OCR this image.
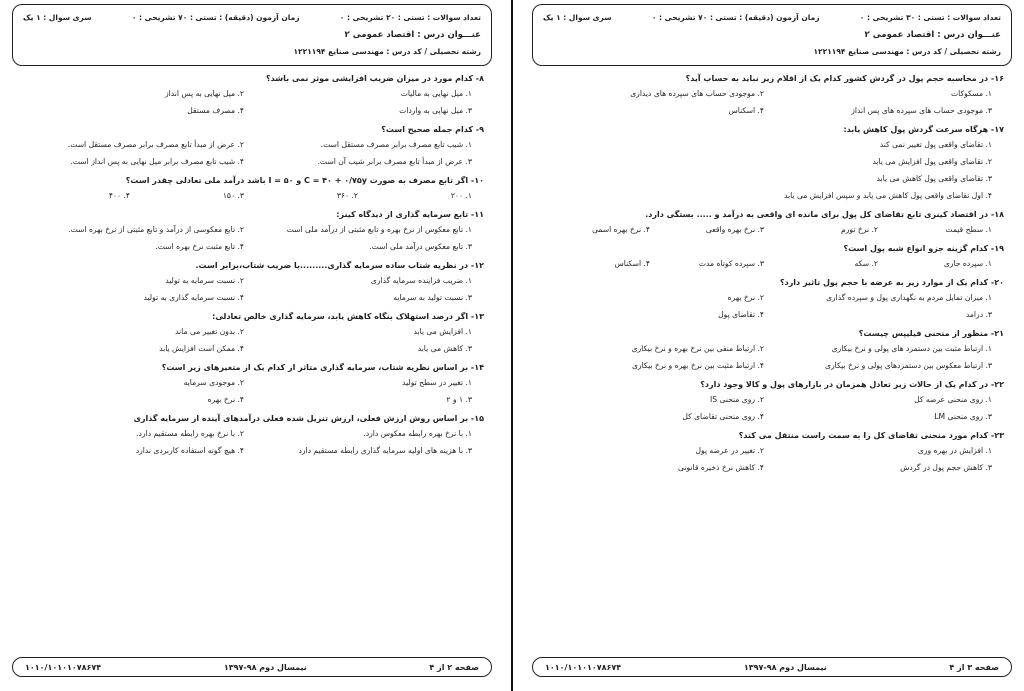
تعداد سوالات : تستی : ۲۰ تشریحی : ۰
زمان آزمون (دقیقه) : تستی : ۷۰ تشریحی : ۰
سری سوال : ۱ یک
عنـــوان درس : اقتصاد عمومی ۲
رشته تحصیلی / کد درس : مهندسی صنایع ۱۲۲۱۱۹۴
۸- کدام مورد در میزان ضریب افزایشی موثر نمی باشد؟
۱. میل نهایی به مالیات
۲. میل نهایی به پس انداز
۳. میل نهایی به واردات
۴. مصرف مستقل
۹- کدام جمله صحیح است؟
۱. شیب تابع مصرف برابر مصرف مستقل است.
۲. عرض از مبدأ تابع مصرف برابر مصرف مستقل است.
۳. عرض از مبدأ تابع مصرف برابر شیب آن است.
۴. شیب تابع مصرف برابر میل نهایی به پس انداز است.
۱۰- اگر تابع مصرف به صورت C = ۴۰ + ۰/۷۵y و I = ۵۰ باشد درآمد ملی تعادلی چقدر است؟
۱. ۲۰۰
۲. ۳۶۰
۳. ۱۵۰
۴. ۴۰۰
۱۱- تابع سرمایه گذاری از دیدگاه کینز:
۱. تابع معکوس از نرخ بهره و تابع مثبتی از درآمد ملی است
۲. تابع معکوسی از درآمد و تابع مثبتی از نرخ بهره است.
۳. تابع معکوس درآمد ملی است.
۴. تابع مثبت نرخ بهره است.
۱۲- در نظریه شتاب ساده سرمایه گذاری.........با ضریب شتاب،برابر است.
۱. ضریب فزاینده سرمایه گذاری
۲. نسبت سرمایه به تولید
۳. نسبت تولید به سرمایه
۴. نسبت سرمایه گذاری به تولید
۱۳- اگر درصد استهلاک بنگاه کاهش یابد، سرمایه گذاری خالص تعادلی:
۱. افزایش می یابد
۲. بدون تغییر می ماند
۳. کاهش می یابد
۴. ممکن است افزایش یابد
۱۴- بر اساس نظریه شتاب، سرمایه گذاری متاثر از کدام یک از متغیرهای زیر است؟
۱. تغییر در سطح تولید
۲. موجودی سرمایه
۳. ۱ و ۲
۴. نرخ بهره
۱۵- بر اساس روش ارزش فعلی، ارزش تنزیل شده فعلی درآمدهای آینده از سرمایه گذاری
۱. با نرخ بهره رابطه معکوس دارد.
۲. با نرخ بهره رابطه مستقیم دارد.
۳. با هزینه های اولیه سرمایه گذاری رابطه مستقیم دارد
۴. هیچ گونه استفاده کاربردی ندارد
صفحه ۲ از ۴
نیمسال دوم ۹۸-۱۳۹۷
۱۰۱۰/۱۰۱۰۱۰۷۸۶۷۴
تعداد سوالات : تستی : ۳۰ تشریحی : ۰
زمان آزمون (دقیقه) : تستی : ۷۰ تشریحی : ۰
سری سوال : ۱ یک
عنـــوان درس : اقتصاد عمومی ۲
رشته تحصیلی / کد درس : مهندسی صنایع ۱۲۲۱۱۹۴
۱۶- در محاسبه حجم پول در گردش کشور کدام یک از اقلام زیر نباید به حساب آید؟
۱. مسکوکات
۲. موجودی حساب های سپرده های دیداری
۳. موجودی حساب های سپرده های پس انداز
۴. اسکناس
۱۷- هرگاه سرعت گردش پول کاهش یابد:
۱. تقاضای واقعی پول تغییر نمی کند
۲. تقاضای واقعی پول افزایش می یابد
۳. تقاضای واقعی پول کاهش می یابد
۴. اول تقاضای واقعی پول کاهش می یابد و سپس افزایش می یابد
۱۸- در اقتصاد کینزی تابع تقاضای کل پول برای مانده ای واقعی به درآمد و ..... بستگی دارد.
۱. سطح قیمت
۲. نرخ تورم
۳. نرخ بهره واقعی
۴. نرخ بهره اسمی
۱۹- کدام گزینه جزو انواع شبه پول است؟
۱. سپرده جاری
۲. سکه
۳. سپرده کوتاه مدت
۴. اسکناس
۲۰- کدام یک از موارد زیر به عرضه با حجم پول تاثیر دارد؟
۱. میزان تمایل مردم به نگهداری پول و سپرده گذاری
۲. نرخ بهره
۳. درامد
۴. تقاضای پول
۲۱- منظور از منحنی فیلیپس چیست؟
۱. ارتباط مثبت بین دستمزد های پولی و نرخ بیکاری
۲. ارتباط منفی بین نرخ بهره و نرخ بیکاری
۳. ارتباط معکوس بین دستمزدهای پولی و نرخ بیکاری
۴. ارتباط مثبت بین نرخ بهره و نرخ بیکاری
۲۲- در کدام یک از حالات زیر تعادل همزمان در بازارهای پول و کالا وجود دارد؟
۱. روی منحنی عرضه کل
۲. روی منحنی IS
۳. روی منحنی LM
۴. روی منحنی تقاضای کل
۲۳- کدام مورد منحنی تقاضای کل را به سمت راست منتقل می کند؟
۱. افزایش در بهره وری
۲. تغییر در عرضه پول
۳. کاهش حجم پول در گردش
۴. کاهش نرخ ذخیره قانونی
صفحه ۳ از ۴
نیمسال دوم ۹۸-۱۳۹۷
۱۰۱۰/۱۰۱۰۱۰۷۸۶۷۴
